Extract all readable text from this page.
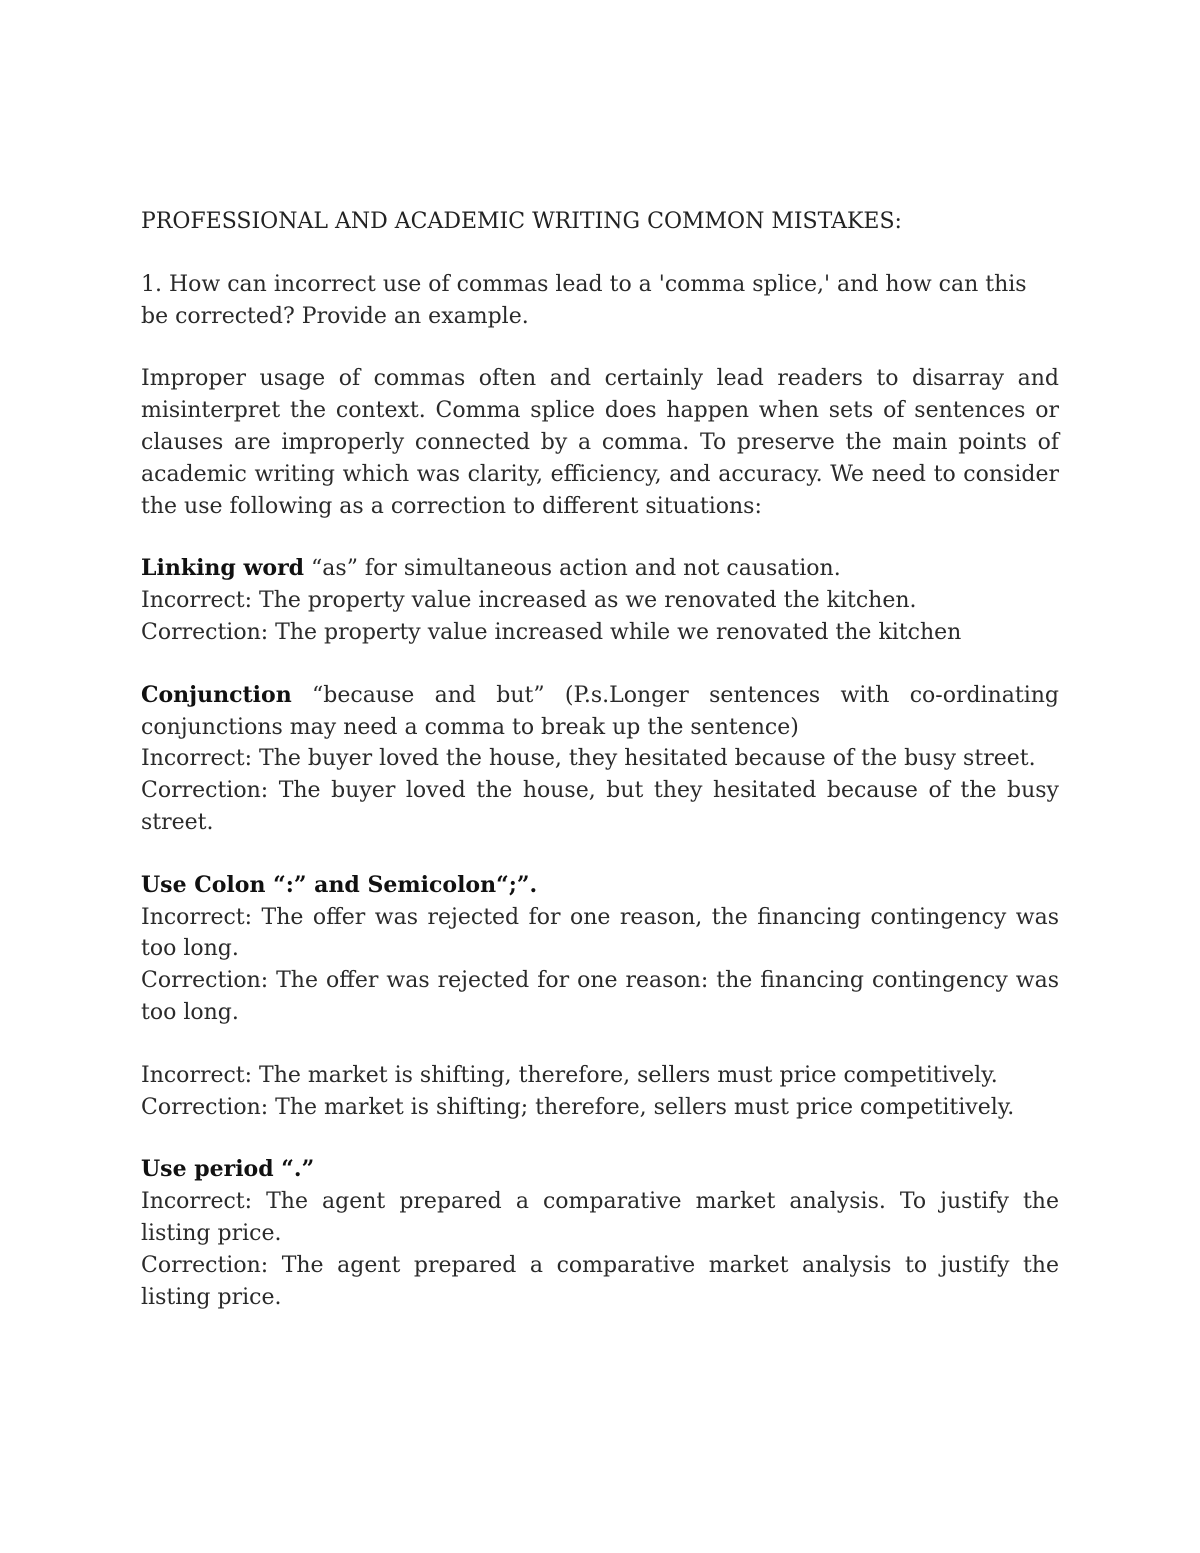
PROFESSIONAL AND ACADEMIC WRITING COMMON MISTAKES:

1. How can incorrect use of commas lead to a 'comma splice,' and how can this be corrected? Provide an example.

Improper usage of commas often and certainly lead readers to disarray and misinterpret the context. Comma splice does happen when sets of sentences or clauses are improperly connected by a comma. To preserve the main points of academic writing which was clarity, efficiency, and accuracy. We need to consider the use following as a correction to different situations:

Linking word “as” for simultaneous action and not causation.

Incorrect: The property value increased as we renovated the kitchen.

Correction: The property value increased while we renovated the kitchen

Conjunction “because and but” (P.s.Longer sentences with co-ordinating conjunctions may need a comma to break up the sentence)

Incorrect: The buyer loved the house, they hesitated because of the busy street.

Correction: The buyer loved the house, but they hesitated because of the busy street.

Use Colon “:” and Semicolon“;”.

Incorrect: The offer was rejected for one reason, the financing contingency was too long.

Correction: The offer was rejected for one reason: the financing contingency was too long.

Incorrect: The market is shifting, therefore, sellers must price competitively.

Correction: The market is shifting; therefore, sellers must price competitively.

Use period “.”

Incorrect: The agent prepared a comparative market analysis. To justify the listing price.

Correction: The agent prepared a comparative market analysis to justify the listing price.
